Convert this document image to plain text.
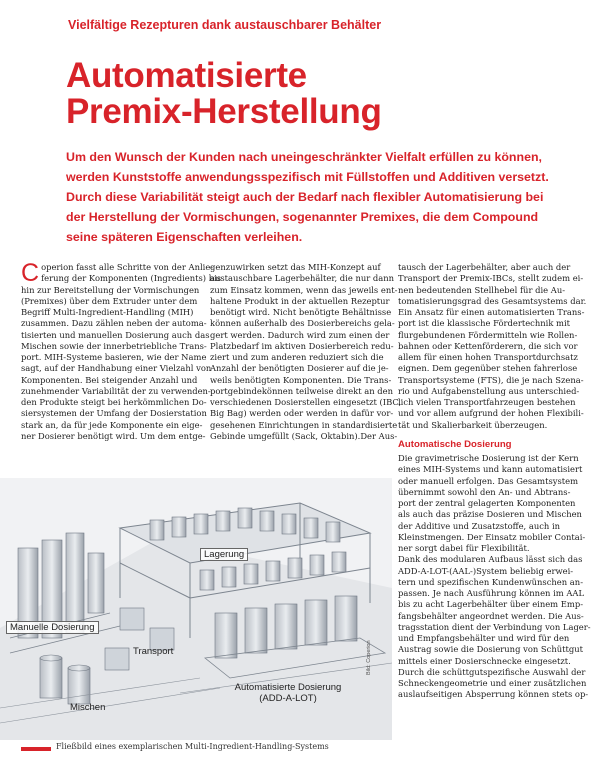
Vielfältige Rezepturen dank austauschbarer Behälter
Automatisierte
Premix-Herstellung
Um den Wunsch der Kunden nach uneingeschränkter Vielfalt erfüllen zu können,
werden Kunststoffe anwendungsspezifisch mit Füllstoffen und Additiven versetzt.
Durch diese Variabilität steigt auch der Bedarf nach flexibler Automatisierung bei
der Herstellung der Vormischungen, sogenannter Premixes, die dem Compound
seine späteren Eigenschaften verleihen.
C operion fasst alle Schritte von der Anlie-
ferung der Komponenten (Ingredients) bis
hin zur Bereitstellung der Vormischungen
(Premixes) über dem Extruder unter dem
Begriff Multi-Ingredient-Handling (MIH)
zusammen. Dazu zählen neben der automa-
tisierten und manuellen Dosierung auch das
Mischen sowie der innerbetriebliche Trans-
port. MIH-Systeme basieren, wie der Name
sagt, auf der Handhabung einer Vielzahl von
Komponenten. Bei steigender Anzahl und
zunehmender Variabilität der zu verwenden-
den Produkte steigt bei herkömmlichen Do-
siersystemen der Umfang der Dosierstation
stark an, da für jede Komponente ein eige-
ner Dosierer benötigt wird. Um dem entge-
genzuwirken setzt das MIH-Konzept auf
austauschbare Lagerbehälter, die nur dann
zum Einsatz kommen, wenn das jeweils ent-
haltene Produkt in der aktuellen Rezeptur
benötigt wird. Nicht benötigte Behältnisse
können außerhalb des Dosierbereichs gela-
gert werden. Dadurch wird zum einen der
Platzbedarf im aktiven Dosierbereich redu-
ziert und zum anderen reduziert sich die
Anzahl der benötigten Dosierer auf die je-
weils benötigten Komponenten. Die Trans-
portgebindekönnen teilweise direkt an den
verschiedenen Dosierstellen eingesetzt (IBC,
Big Bag) werden oder werden in dafür vor-
gesehenen Einrichtungen in standardisierte
Gebinde umgefüllt (Sack, Oktabin).Der Aus-
tausch der Lagerbehälter, aber auch der
Transport der Premix-IBCs, stellt zudem ei-
nen bedeutenden Stellhebel für die Au-
tomatisierungsgrad des Gesamtsystems dar.
Ein Ansatz für einen automatisierten Trans-
port ist die klassische Fördertechnik mit
flurgebundenen Fördermitteln wie Rollen-
bahnen oder Kettenförderern, die sich vor
allem für einen hohen Transportdurchsatz
eignen. Dem gegenüber stehen fahrerlose
Transportsysteme (FTS), die je nach Szena-
rio und Aufgabenstellung aus unterschied-
lich vielen Transportfahrzeugen bestehen
und vor allem aufgrund der hohen Flexibili-
tät und Skalierbarkeit überzeugen.
Automatische Dosierung
Die gravimetrische Dosierung ist der Kern
eines MIH-Systems und kann automatisiert
oder manuell erfolgen. Das Gesamtsystem
übernimmt sowohl den An- und Abtrans-
port der zentral gelagerten Komponenten
als auch das präzise Dosieren und Mischen
der Additive und Zusatzstoffe, auch in
Kleinstmengen. Der Einsatz mobiler Contai-
ner sorgt dabei für Flexibilität.
Dank des modularen Aufbaus lässt sich das
ADD-A-LOT-(AAL-)System beliebig erwei-
tern und spezifischen Kundenwünschen an-
passen. Je nach Ausführung können im AAL
bis zu acht Lagerbehälter über einem Emp-
fangsbehälter angeordnet werden. Die Aus-
tragsstation dient der Verbindung von Lager-
und Empfangsbehälter und wird für den
Austrag sowie die Dosierung von Schüttgut
mittels einer Dosierschnecke eingesetzt.
Durch die schüttgutspezifische Auswahl der
Schneckengeometrie und einer zusätzlichen
auslaufseitigen Absperrung können stets op-
Lagerung
Manuelle Dosierung
Transport
Mischen
Automatisierte Dosierung
(ADD-A-LOT)
Bild: Coperion
Fließbild eines exemplarischen Multi-Ingredient-Handling-Systems
